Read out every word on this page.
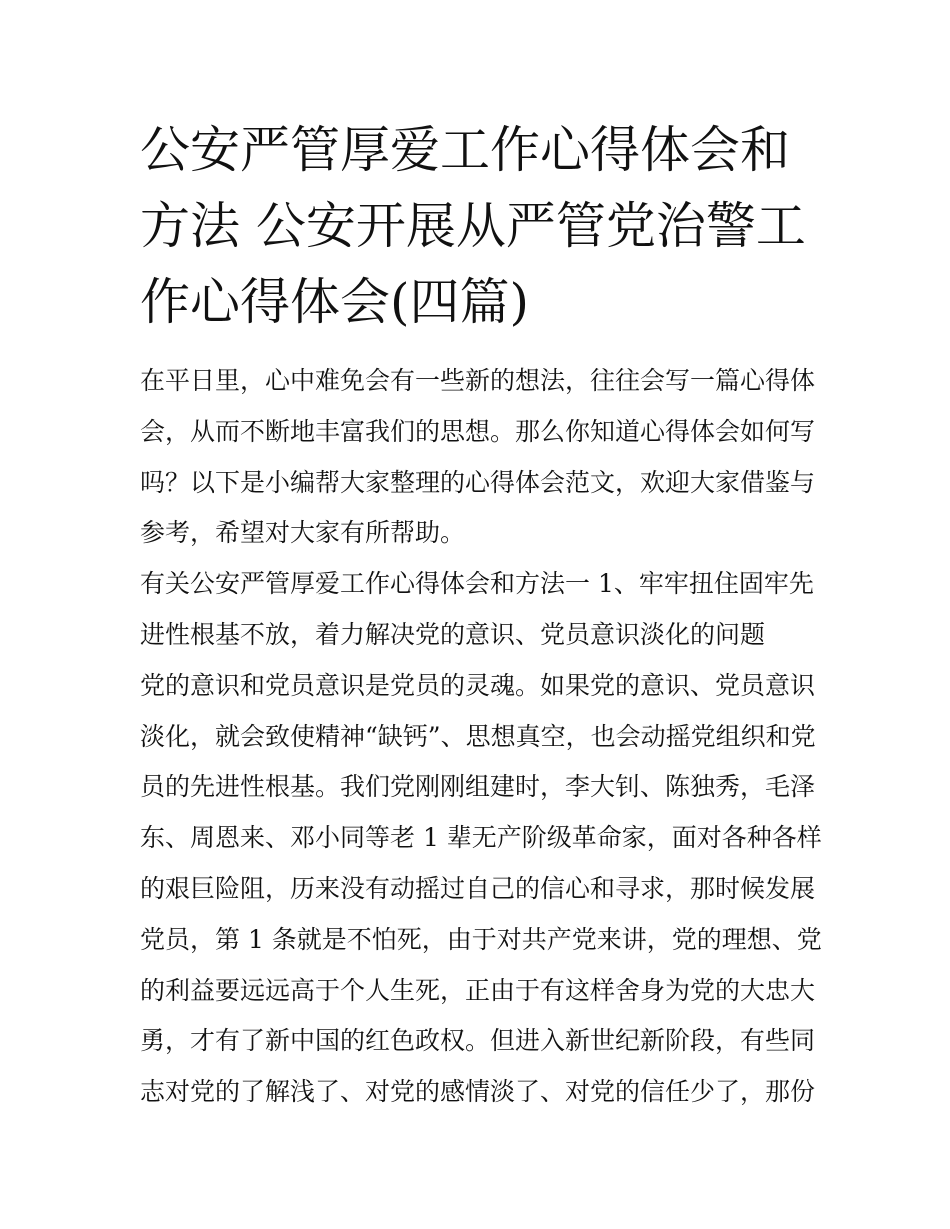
公安严管厚爱工作心得体会和
方法 公安开展从严管党治警工
作心得体会(四篇)
在平日里，心中难免会有一些新的想法，往往会写一篇心得体
会，从而不断地丰富我们的思想。那么你知道心得体会如何写
吗？以下是小编帮大家整理的心得体会范文，欢迎大家借鉴与
参考，希望对大家有所帮助。
有关公安严管厚爱工作心得体会和方法一 1、牢牢扭住固牢先
进性根基不放，着力解决党的意识、党员意识淡化的问题
党的意识和党员意识是党员的灵魂。如果党的意识、党员意识
淡化，就会致使精神“缺钙”、思想真空，也会动摇党组织和党
员的先进性根基。我们党刚刚组建时，李大钊、陈独秀，毛泽
东、周恩来、邓小同等老 1 辈无产阶级革命家，面对各种各样
的艰巨险阻，历来没有动摇过自己的信心和寻求，那时候发展
党员，第 1 条就是不怕死，由于对共产党来讲，党的理想、党
的利益要远远高于个人生死，正由于有这样舍身为党的大忠大
勇，才有了新中国的红色政权。但进入新世纪新阶段，有些同
志对党的了解浅了、对党的感情淡了、对党的信任少了，那份
